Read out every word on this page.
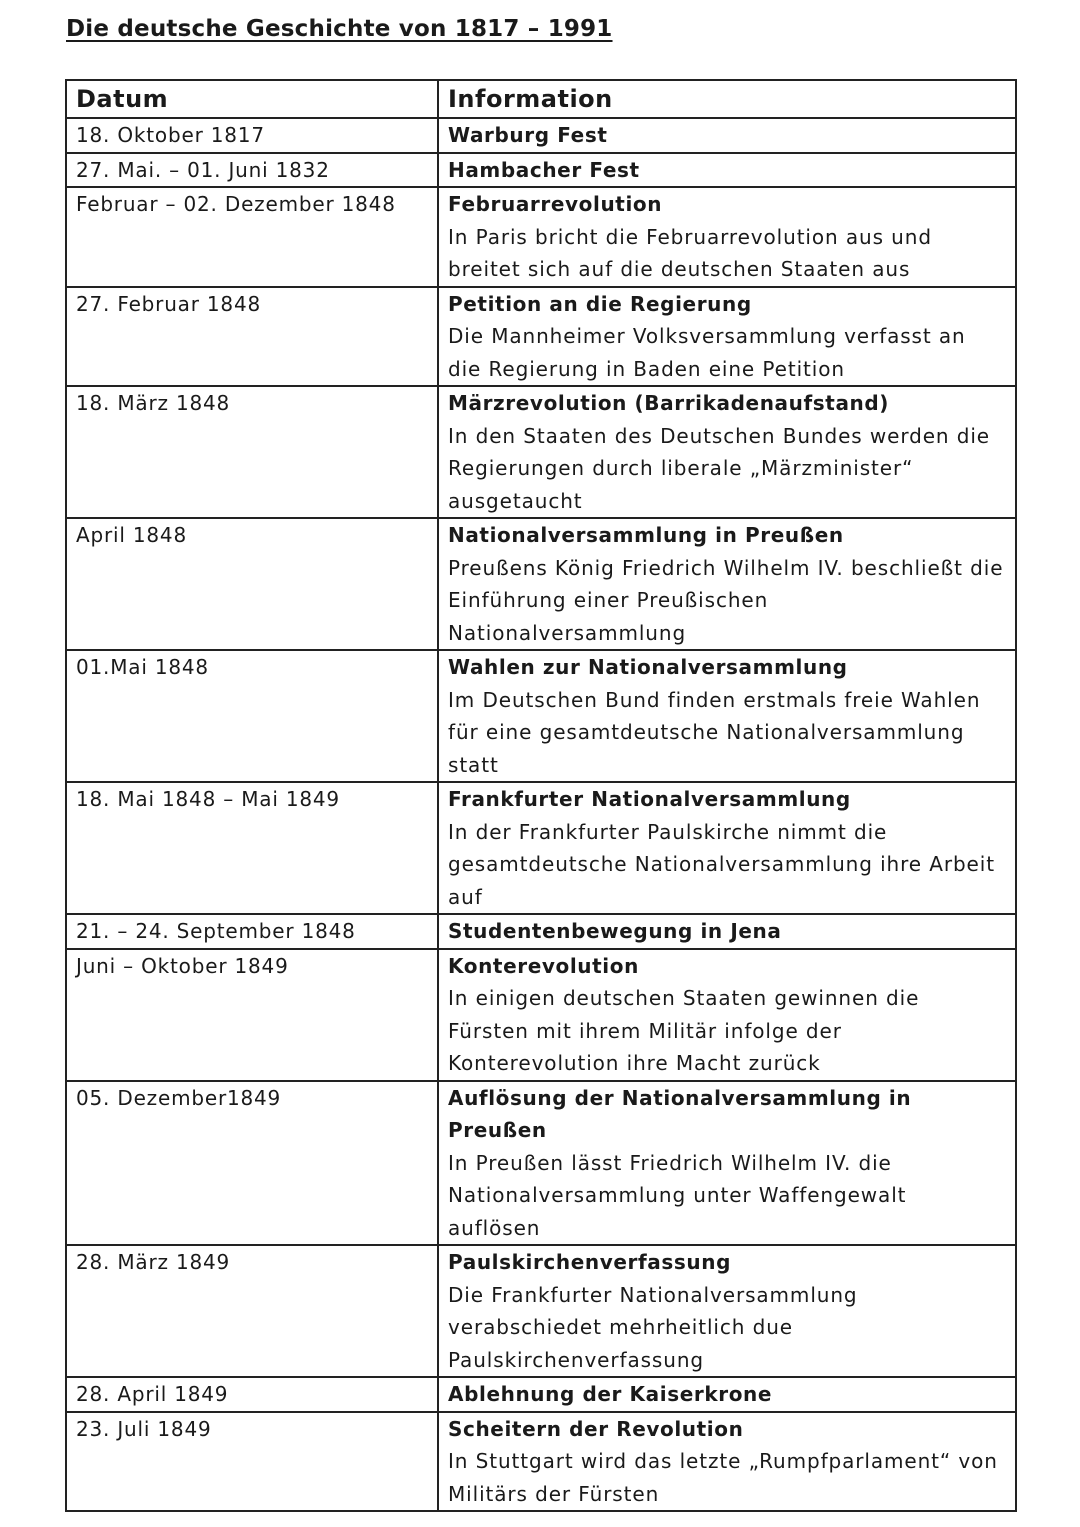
Die deutsche Geschichte von 1817 – 1991
Datum	Information
18. Oktober 1817	Warburg Fest

27. Mai. – 01. Juni 1832	Hambacher Fest

Februar – 02. Dezember 1848	Februarrevolution
In Paris bricht die Februarrevolution aus und breitet sich auf die deutschen Staaten aus

27. Februar 1848	Petition an die Regierung
Die Mannheimer Volksversammlung verfasst an die Regierung in Baden eine Petition

18. März 1848	Märzrevolution (Barrikadenaufstand)
In den Staaten des Deutschen Bundes werden die Regierungen durch liberale „Märzminister“ ausgetaucht

April 1848	Nationalversammlung in Preußen
Preußens König Friedrich Wilhelm IV. beschließt die Einführung einer Preußischen Nationalversammlung

01.Mai 1848	Wahlen zur Nationalversammlung
Im Deutschen Bund finden erstmals freie Wahlen für eine gesamtdeutsche Nationalversammlung statt

18. Mai 1848 – Mai 1849	Frankfurter Nationalversammlung
In der Frankfurter Paulskirche nimmt die gesamtdeutsche Nationalversammlung ihre Arbeit auf

21. – 24. September 1848	Studentenbewegung in Jena

Juni – Oktober 1849	Konterevolution
In einigen deutschen Staaten gewinnen die Fürsten mit ihrem Militär infolge der Konterevolution ihre Macht zurück

05. Dezember1849	Auflösung der Nationalversammlung in Preußen
In Preußen lässt Friedrich Wilhelm IV. die Nationalversammlung unter Waffengewalt auflösen

28. März 1849	Paulskirchenverfassung
Die Frankfurter Nationalversammlung verabschiedet mehrheitlich due Paulskirchenverfassung

28. April 1849	Ablehnung der Kaiserkrone

23. Juli 1849	Scheitern der Revolution
In Stuttgart wird das letzte „Rumpfparlament“ von Militärs der Fürsten
